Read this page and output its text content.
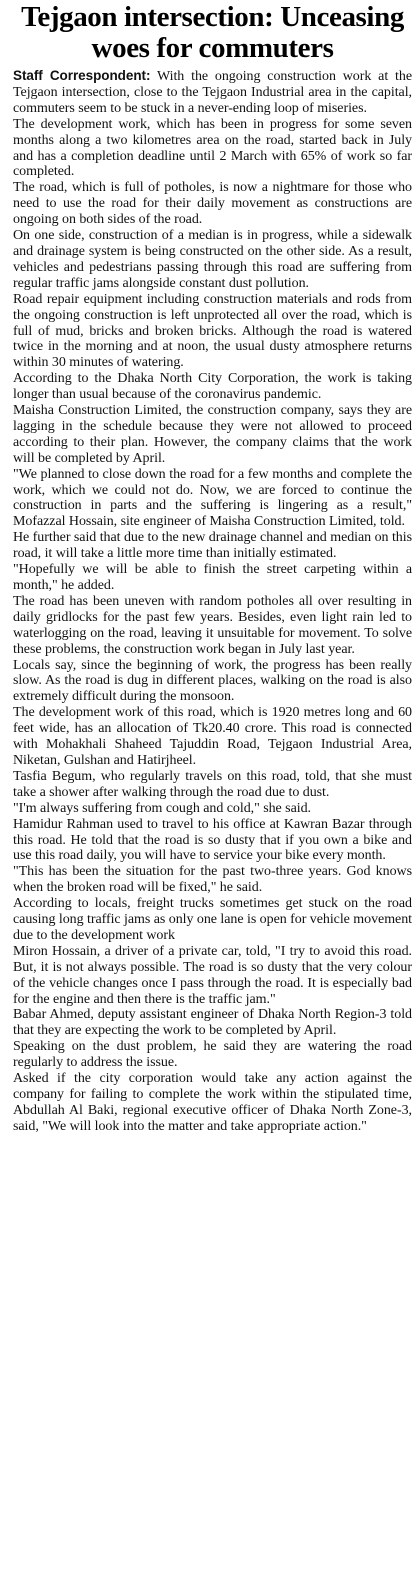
Tejgaon intersection: Unceasing
woes for commuters

Staff Correspondent: With the ongoing construction work at the Tejgaon intersection, close to the Tejgaon Industrial area in the capital, commuters seem to be stuck in a never-ending loop of miseries.

The development work, which has been in progress for some seven months along a two kilometres area on the road, started back in July and has a completion deadline until 2 March with 65% of work so far completed.

The road, which is full of potholes, is now a nightmare for those who need to use the road for their daily movement as constructions are ongoing on both sides of the road.

On one side, construction of a median is in progress, while a sidewalk and drainage system is being constructed on the other side. As a result, vehicles and pedestrians passing through this road are suffering from regular traffic jams alongside constant dust pollution.

Road repair equipment including construction materials and rods from the ongoing construction is left unprotected all over the road, which is full of mud, bricks and broken bricks. Although the road is watered twice in the morning and at noon, the usual dusty atmosphere returns within 30 minutes of watering.

According to the Dhaka North City Corporation, the work is taking longer than usual because of the coronavirus pandemic.

Maisha Construction Limited, the construction company, says they are lagging in the schedule because they were not allowed to proceed according to their plan. However, the company claims that the work will be completed by April.

"We planned to close down the road for a few months and complete the work, which we could not do. Now, we are forced to continue the construction in parts and the suffering is lingering as a result," Mofazzal Hossain, site engineer of Maisha Construction Limited, told.

He further said that due to the new drainage channel and median on this road, it will take a little more time than initially estimated.

"Hopefully we will be able to finish the street carpeting within a month," he added.

The road has been uneven with random potholes all over resulting in daily gridlocks for the past few years. Besides, even light rain led to waterlogging on the road, leaving it unsuitable for movement. To solve these problems, the construction work began in July last year.

Locals say, since the beginning of work, the progress has been really slow. As the road is dug in different places, walking on the road is also extremely difficult during the monsoon.

The development work of this road, which is 1920 metres long and 60 feet wide, has an allocation of Tk20.40 crore. This road is connected with Mohakhali Shaheed Tajuddin Road, Tejgaon Industrial Area, Niketan, Gulshan and Hatirjheel.

Tasfia Begum, who regularly travels on this road, told, that she must take a shower after walking through the road due to dust.

"I'm always suffering from cough and cold," she said.

Hamidur Rahman used to travel to his office at Kawran Bazar through this road. He told that the road is so dusty that if you own a bike and use this road daily, you will have to service your bike every month.

"This has been the situation for the past two-three years. God knows when the broken road will be fixed," he said.

According to locals, freight trucks sometimes get stuck on the road causing long traffic jams as only one lane is open for vehicle movement due to the development work

Miron Hossain, a driver of a private car, told, "I try to avoid this road. But, it is not always possible. The road is so dusty that the very colour of the vehicle changes once I pass through the road. It is especially bad for the engine and then there is the traffic jam."

Babar Ahmed, deputy assistant engineer of Dhaka North Region-3 told that they are expecting the work to be completed by April.

Speaking on the dust problem, he said they are watering the road regularly to address the issue.

Asked if the city corporation would take any action against the company for failing to complete the work within the stipulated time, Abdullah Al Baki, regional executive officer of Dhaka North Zone-3, said, "We will look into the matter and take appropriate action."
